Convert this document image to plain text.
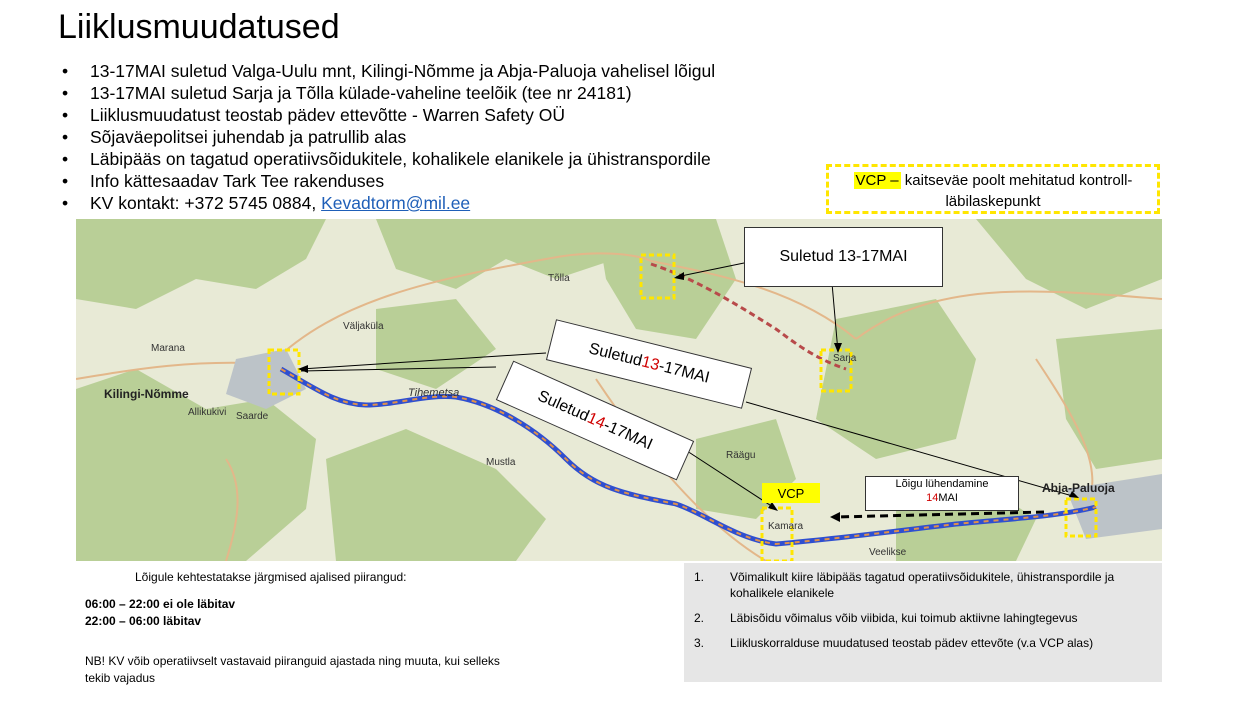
Liiklusmuudatused
• 13-17MAI suletud Valga-Uulu mnt, Kilingi-Nõmme ja Abja-Paluoja vahelisel lõigul
• 13-17MAI suletud Sarja ja Tõlla külade-vaheline teelõik (tee nr 24181)
• Liiklusmuudatust teostab pädev ettevõtte - Warren Safety OÜ
• Sõjaväepolitsei juhendab ja patrullib alas
• Läbipääs on tagatud operatiivsõidukitele, kohalikele elanikele ja ühistranspordile
• Info kättesaadav Tark Tee rakenduses
• KV kontakt: +372 5745 0884, Kevadtorm@mil.ee
VCP – kaitseväe poolt mehitatud kontroll-läbilaskepunkt
Väljaküla
Tõlla
Marana
Kilingi-Nõmme
Saarde
Allikukivi
Tihemetsa
Mustla
Räägu
Sarja
Kamara
Veelikse
Abja-Paluoja
Suletud 13-17MAI
Suletud
13
-17MAI
Suletud
14
-17MAI
VCP
Lõigu lühendamine
14MAI
Lõigule kehtestatakse järgmised ajalised piirangud:
06:00 – 22:00 ei ole läbitav
22:00 – 06:00 läbitav
NB! KV võib operatiivselt vastavaid piiranguid ajastada ning muuta, kui selleks tekib vajadus
1. Võimalikult kiire läbipääs tagatud operatiivsõidukitele, ühistranspordile ja kohalikele elanikele
2. Läbisõidu võimalus võib viibida, kui toimub aktiivne lahingtegevus
3. Liikluskorralduse muudatused teostab pädev ettevõte (v.a VCP alas)
